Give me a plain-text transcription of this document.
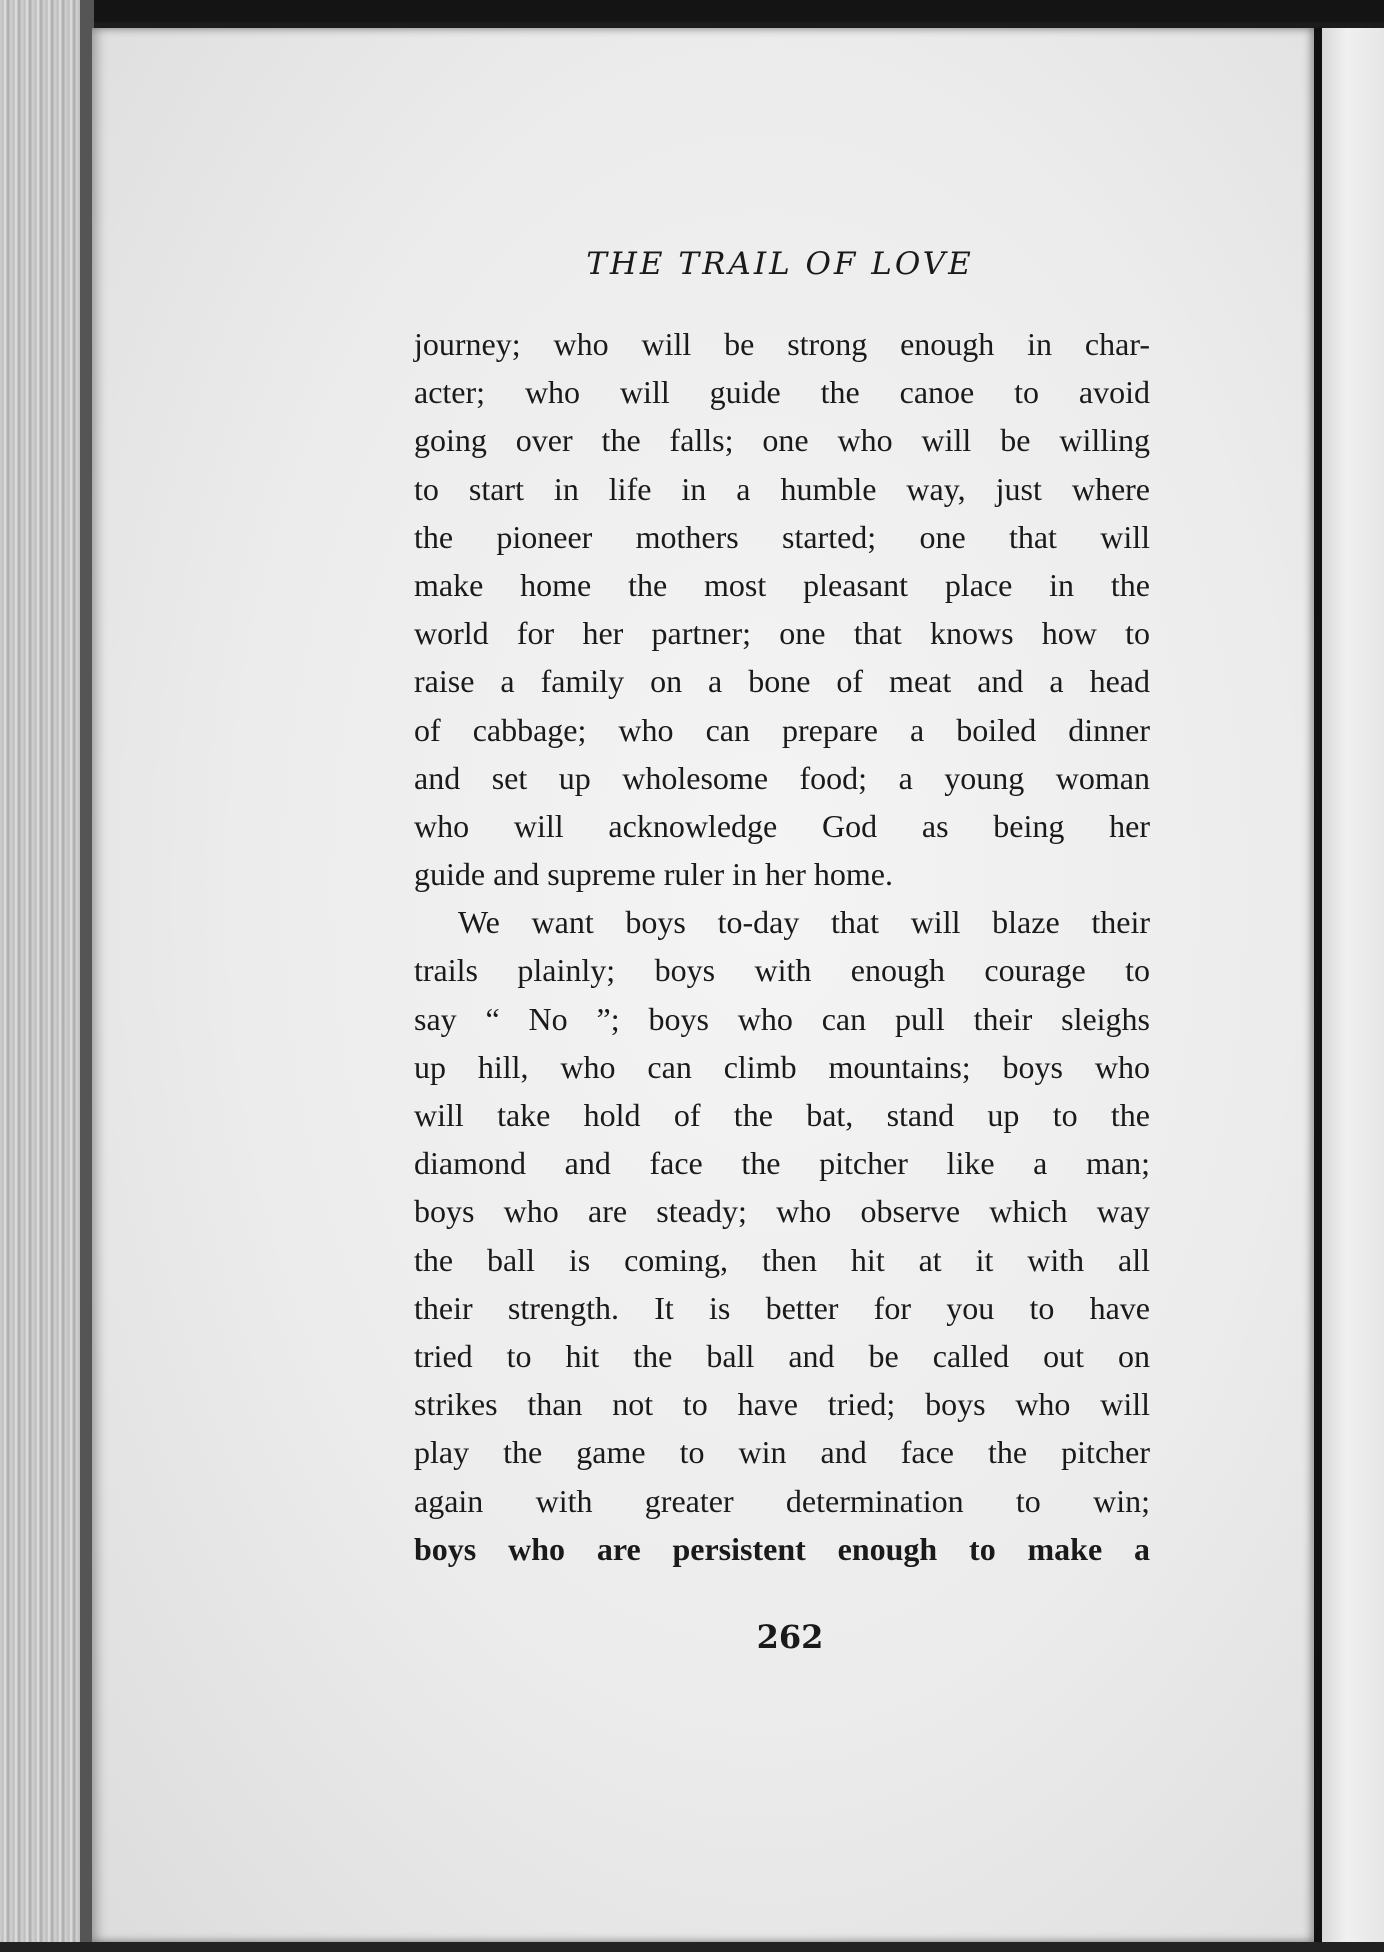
THE TRAIL OF LOVE
journey; who will be strong enough in char-
acter; who will guide the canoe to avoid
going over the falls; one who will be willing
to start in life in a humble way, just where
the pioneer mothers started; one that will
make home the most pleasant place in the
world for her partner; one that knows how to
raise a family on a bone of meat and a head
of cabbage; who can prepare a boiled dinner
and set up wholesome food; a young woman
who will acknowledge God as being her
guide and supreme ruler in her home.
We want boys to-day that will blaze their
trails plainly; boys with enough courage to
say “ No ”; boys who can pull their sleighs
up hill, who can climb mountains; boys who
will take hold of the bat, stand up to the
diamond and face the pitcher like a man;
boys who are steady; who observe which way
the ball is coming, then hit at it with all
their strength. It is better for you to have
tried to hit the ball and be called out on
strikes than not to have tried; boys who will
play the game to win and face the pitcher
again with greater determination to win;
boys who are persistent enough to make a
262
